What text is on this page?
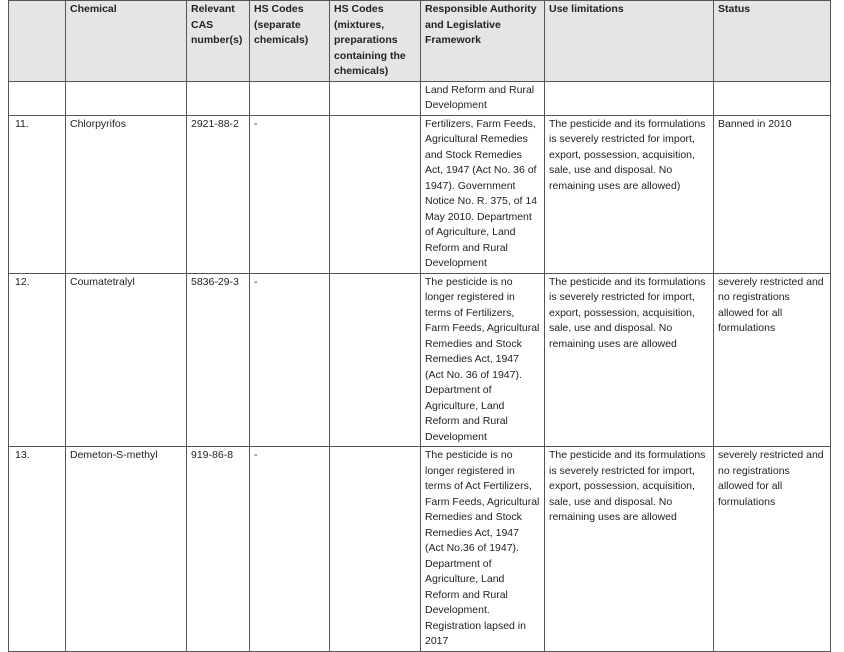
	Chemical	Relevant CAS number(s)	HS Codes (separate chemicals)	HS Codes (mixtures, preparations containing the chemicals)	Responsible Authority and Legislative Framework	Use limitations	Status
					Land Reform and Rural Development		
11.	Chlorpyrifos	2921-88-2	-		Fertilizers, Farm Feeds, Agricultural Remedies and Stock Remedies Act, 1947 (Act No. 36 of 1947). Government Notice No. R. 375, of 14 May 2010. Department of Agriculture, Land Reform and Rural Development	The pesticide and its formulations is severely restricted for import, export, possession, acquisition, sale, use and disposal. No remaining uses are allowed)	Banned in 2010
12.	Coumatetralyl	5836-29-3	-		The pesticide is no longer registered in terms of Fertilizers, Farm Feeds, Agricultural Remedies and Stock Remedies Act, 1947 (Act No. 36 of 1947). Department of Agriculture, Land Reform and Rural Development	The pesticide and its formulations is severely restricted for import, export, possession, acquisition, sale, use and disposal. No remaining uses are allowed	severely restricted and no registrations allowed for all formulations
13.	Demeton-S-methyl	919-86-8	-		The pesticide is no longer registered in terms of Act Fertilizers, Farm Feeds, Agricultural Remedies and Stock Remedies Act, 1947 (Act No.36 of 1947). Department of Agriculture, Land Reform and Rural Development. Registration lapsed in 2017	The pesticide and its formulations is severely restricted for import, export, possession, acquisition, sale, use and disposal. No remaining uses are allowed	severely restricted and no registrations allowed for all formulations
